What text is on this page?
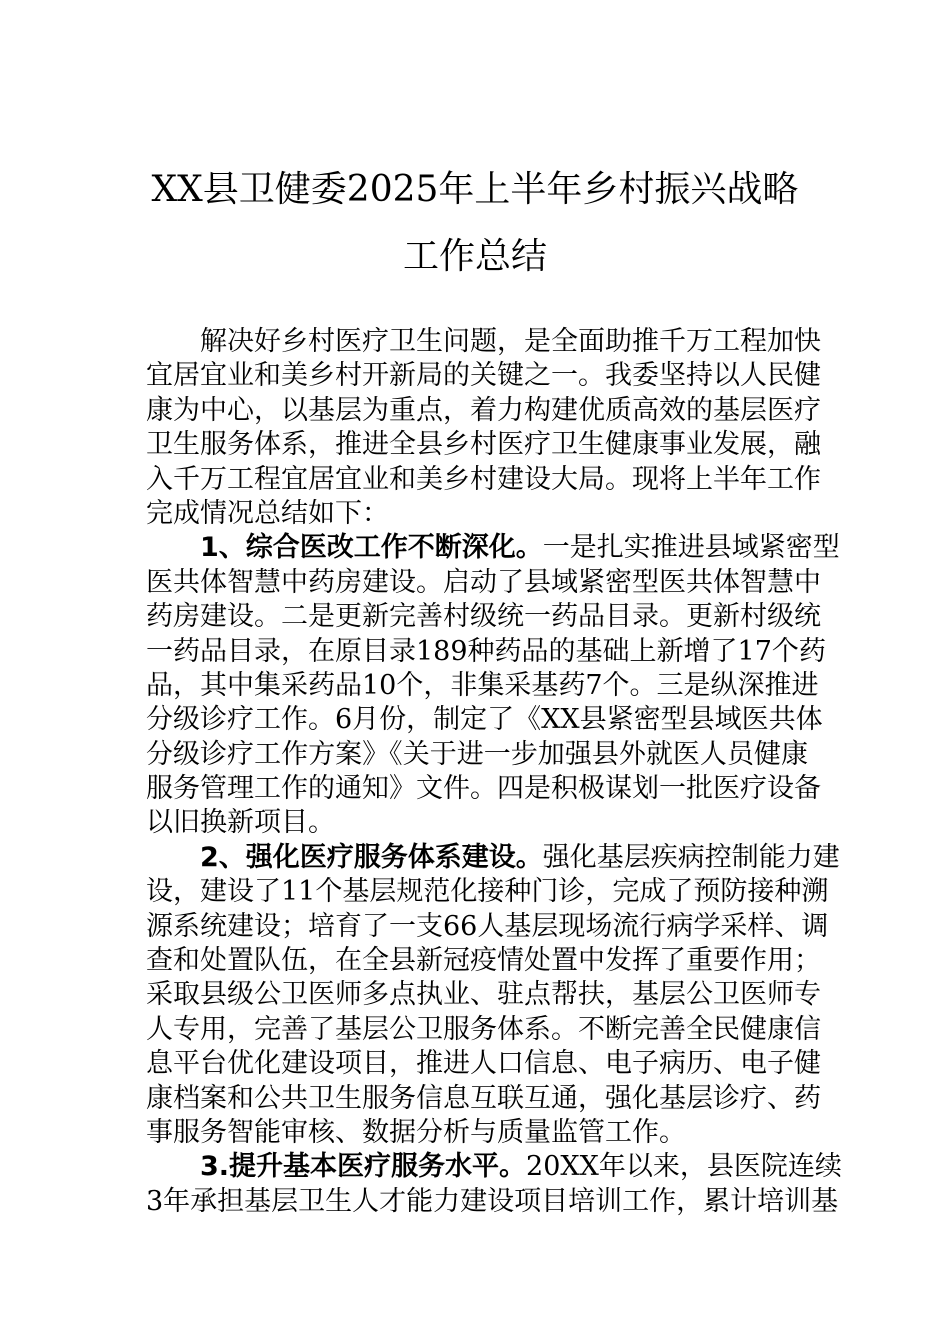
XX县卫健委2025年上半年乡村振兴战略
工作总结
解决好乡村医疗卫生问题，是全面助推千万工程加快
宜居宜业和美乡村开新局的关键之一。我委坚持以人民健
康为中心，以基层为重点，着力构建优质高效的基层医疗
卫生服务体系，推进全县乡村医疗卫生健康事业发展，融
入千万工程宜居宜业和美乡村建设大局。现将上半年工作
完成情况总结如下：
1、综合医改工作不断深化。一是扎实推进县域紧密型
医共体智慧中药房建设。启动了县域紧密型医共体智慧中
药房建设。二是更新完善村级统一药品目录。更新村级统
一药品目录，在原目录189种药品的基础上新增了17个药
品，其中集采药品10个，非集采基药7个。三是纵深推进
分级诊疗工作。6月份，制定了《XX县紧密型县域医共体
分级诊疗工作方案》《关于进一步加强县外就医人员健康
服务管理工作的通知》文件。四是积极谋划一批医疗设备
以旧换新项目。
2、强化医疗服务体系建设。强化基层疾病控制能力建
设，建设了11个基层规范化接种门诊，完成了预防接种溯
源系统建设；培育了一支66人基层现场流行病学采样、调
查和处置队伍，在全县新冠疫情处置中发挥了重要作用；
采取县级公卫医师多点执业、驻点帮扶，基层公卫医师专
人专用，完善了基层公卫服务体系。不断完善全民健康信
息平台优化建设项目，推进人口信息、电子病历、电子健
康档案和公共卫生服务信息互联互通，强化基层诊疗、药
事服务智能审核、数据分析与质量监管工作。
3.提升基本医疗服务水平。20XX年以来，县医院连续
3年承担基层卫生人才能力建设项目培训工作，累计培训基
